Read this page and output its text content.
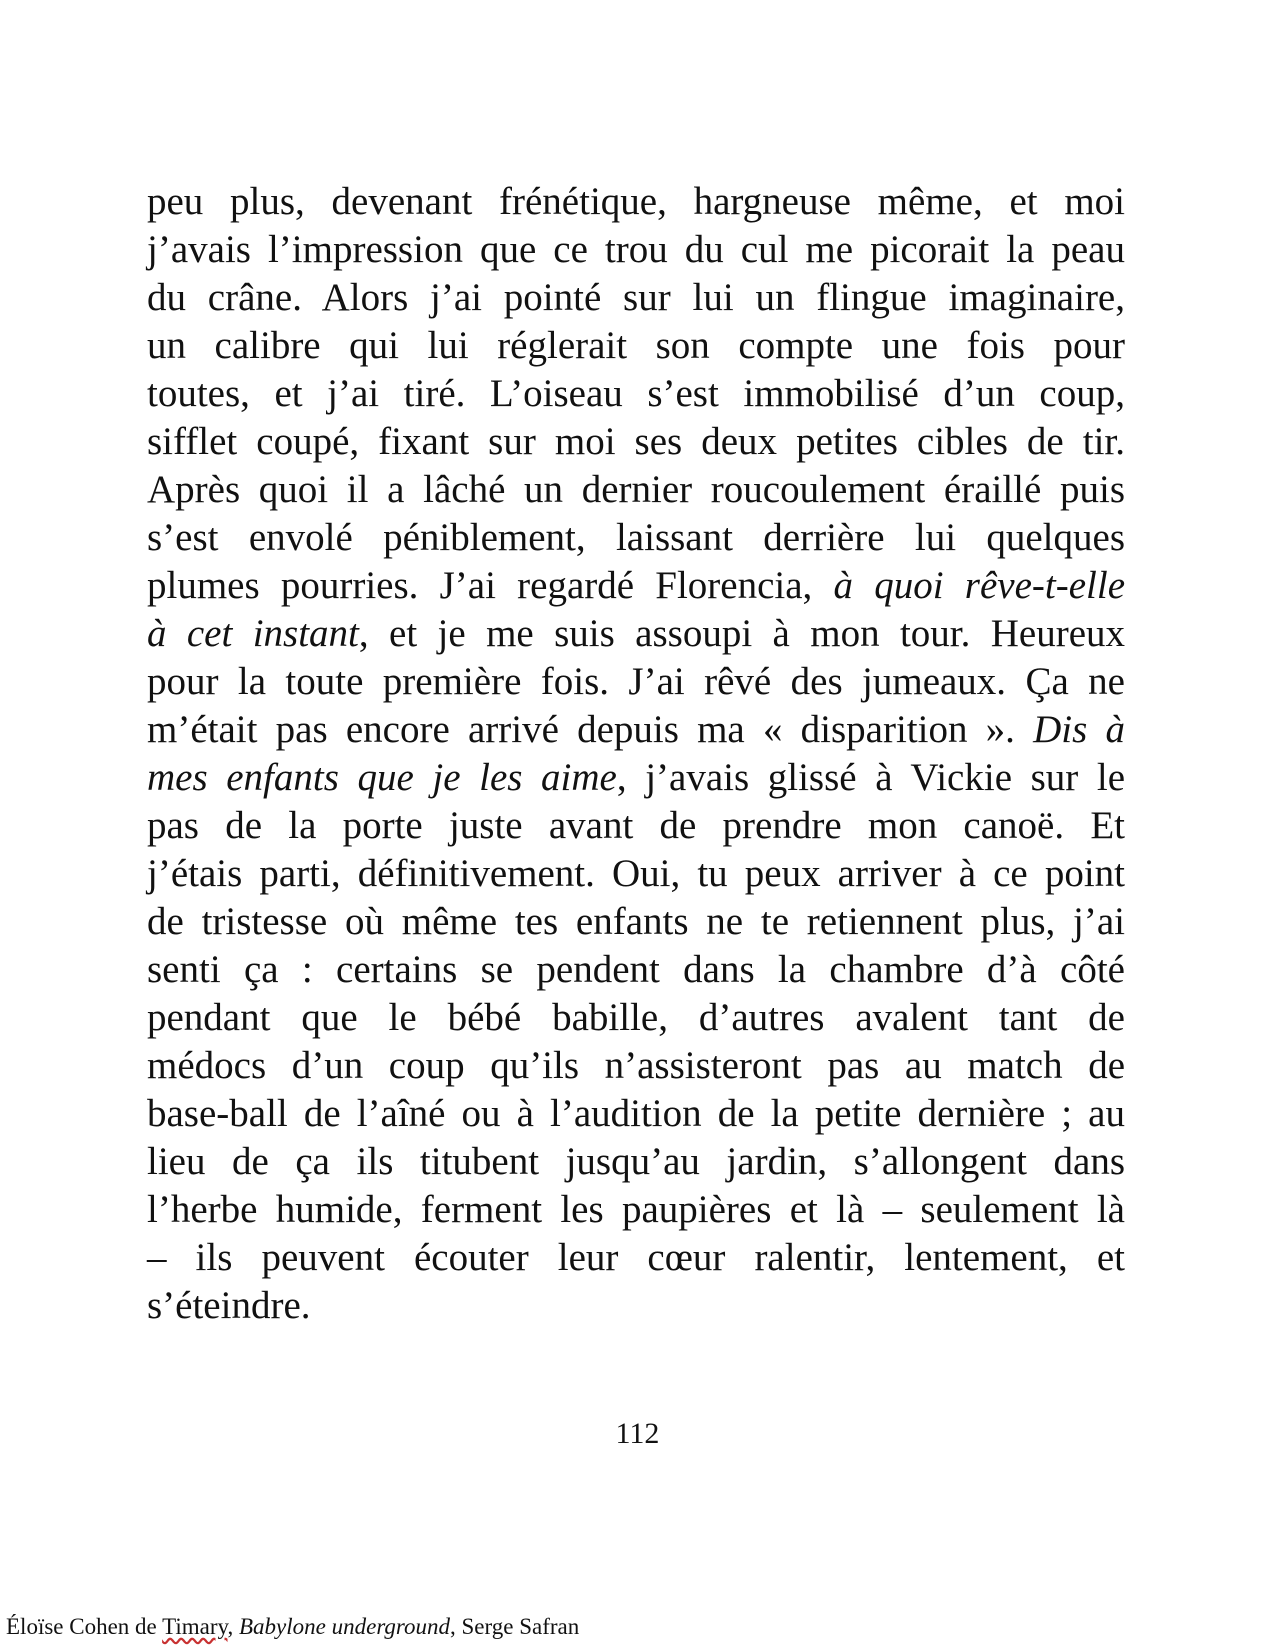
peu plus, devenant frénétique, hargneuse même, et moi
j’avais l’impression que ce trou du cul me picorait la peau
du crâne. Alors j’ai pointé sur lui un flingue imaginaire,
un calibre qui lui réglerait son compte une fois pour
toutes, et j’ai tiré. L’oiseau s’est immobilisé d’un coup,
sifflet coupé, fixant sur moi ses deux petites cibles de tir.
Après quoi il a lâché un dernier roucoulement éraillé puis
s’est envolé péniblement, laissant derrière lui quelques
plumes pourries. J’ai regardé Florencia, à quoi rêve-t-elle
à cet instant, et je me suis assoupi à mon tour. Heureux
pour la toute première fois. J’ai rêvé des jumeaux. Ça ne
m’était pas encore arrivé depuis ma « disparition ». Dis à
mes enfants que je les aime, j’avais glissé à Vickie sur le
pas de la porte juste avant de prendre mon canoë. Et
j’étais parti, définitivement. Oui, tu peux arriver à ce point
de tristesse où même tes enfants ne te retiennent plus, j’ai
senti ça : certains se pendent dans la chambre d’à côté
pendant que le bébé babille, d’autres avalent tant de
médocs d’un coup qu’ils n’assisteront pas au match de
base-ball de l’aîné ou à l’audition de la petite dernière ; au
lieu de ça ils titubent jusqu’au jardin, s’allongent dans
l’herbe humide, ferment les paupières et là – seulement là
– ils peuvent écouter leur cœur ralentir, lentement, et
s’éteindre.
112
Éloïse Cohen de Timary, Babylone underground, Serge Safran
